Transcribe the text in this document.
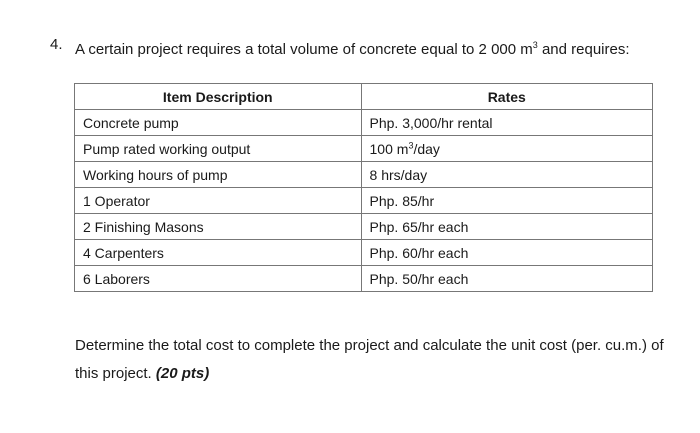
4. A certain project requires a total volume of concrete equal to 2 000 $m^3$ and requires:
Item Description	Rates
Concrete pump	Php. 3,000/hr rental
Pump rated working output	100 $m^3$/day
Working hours of pump	8 hrs/day
1 Operator	Php. 85/hr
2 Finishing Masons	Php. 65/hr each
4 Carpenters	Php. 60/hr each
6 Laborers	Php. 50/hr each
Determine the total cost to complete the project and calculate the unit cost (per. cu.m.) of this project. (20 pts)
